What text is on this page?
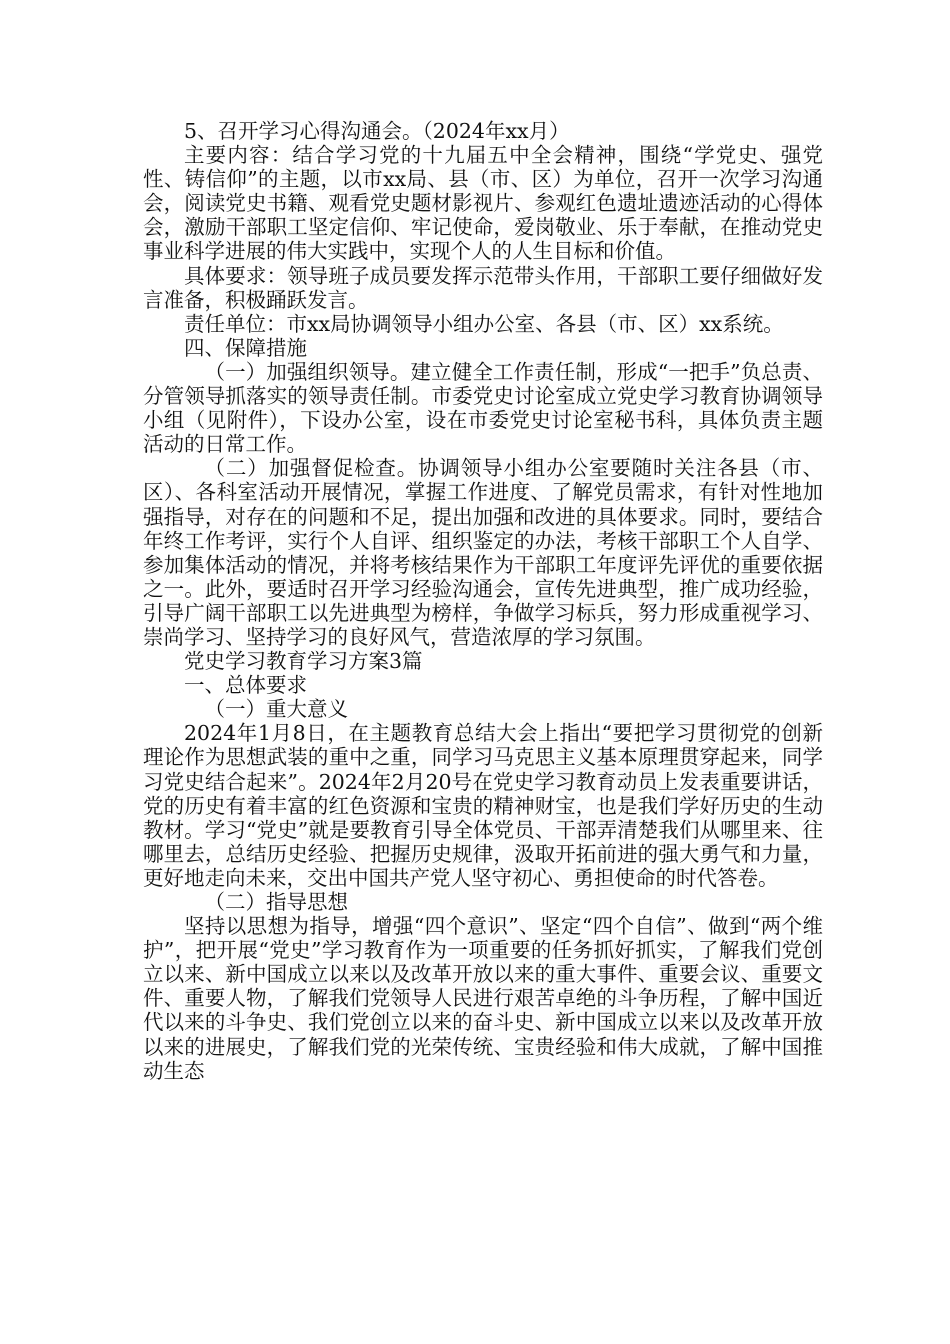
5、召开学习心得沟通会。（2024年xx月）

主要内容：结合学习党的十九届五中全会精神，围绕“学党史、强党性、铸信仰”的主题，以市xx局、县（市、区）为单位，召开一次学习沟通会，阅读党史书籍、观看党史题材影视片、参观红色遗址遗迹活动的心得体会，激励干部职工坚定信仰、牢记使命，爱岗敬业、乐于奉献，在推动党史事业科学进展的伟大实践中，实现个人的人生目标和价值。

具体要求：领导班子成员要发挥示范带头作用，干部职工要仔细做好发言准备，积极踊跃发言。

责任单位：市xx局协调领导小组办公室、各县（市、区）xx系统。

四、保障措施

（一）加强组织领导。建立健全工作责任制，形成“一把手”负总责、分管领导抓落实的领导责任制。市委党史讨论室成立党史学习教育协调领导小组（见附件），下设办公室，设在市委党史讨论室秘书科，具体负责主题活动的日常工作。

（二）加强督促检查。协调领导小组办公室要随时关注各县（市、区）、各科室活动开展情况，掌握工作进度、了解党员需求，有针对性地加强指导，对存在的问题和不足，提出加强和改进的具体要求。同时，要结合年终工作考评，实行个人自评、组织鉴定的办法，考核干部职工个人自学、参加集体活动的情况，并将考核结果作为干部职工年度评先评优的重要依据之一。此外，要适时召开学习经验沟通会，宣传先进典型，推广成功经验，引导广阔干部职工以先进典型为榜样，争做学习标兵，努力形成重视学习、崇尚学习、坚持学习的良好风气，营造浓厚的学习氛围。

党史学习教育学习方案3篇

一、总体要求

（一）重大意义

2024年1月8日，在主题教育总结大会上指出“要把学习贯彻党的创新理论作为思想武装的重中之重，同学习马克思主义基本原理贯穿起来，同学习党史结合起来”。2024年2月20号在党史学习教育动员上发表重要讲话，党的历史有着丰富的红色资源和宝贵的精神财宝，也是我们学好历史的生动教材。学习“党史”就是要教育引导全体党员、干部弄清楚我们从哪里来、往哪里去，总结历史经验、把握历史规律，汲取开拓前进的强大勇气和力量，更好地走向未来，交出中国共产党人坚守初心、勇担使命的时代答卷。

（二）指导思想

坚持以思想为指导，增强“四个意识”、坚定“四个自信”、做到“两个维护”，把开展“党史”学习教育作为一项重要的任务抓好抓实，了解我们党创立以来、新中国成立以来以及改革开放以来的重大事件、重要会议、重要文件、重要人物，了解我们党领导人民进行艰苦卓绝的斗争历程，了解中国近代以来的斗争史、我们党创立以来的奋斗史、新中国成立以来以及改革开放以来的进展史，了解我们党的光荣传统、宝贵经验和伟大成就，了解中国推动生态
